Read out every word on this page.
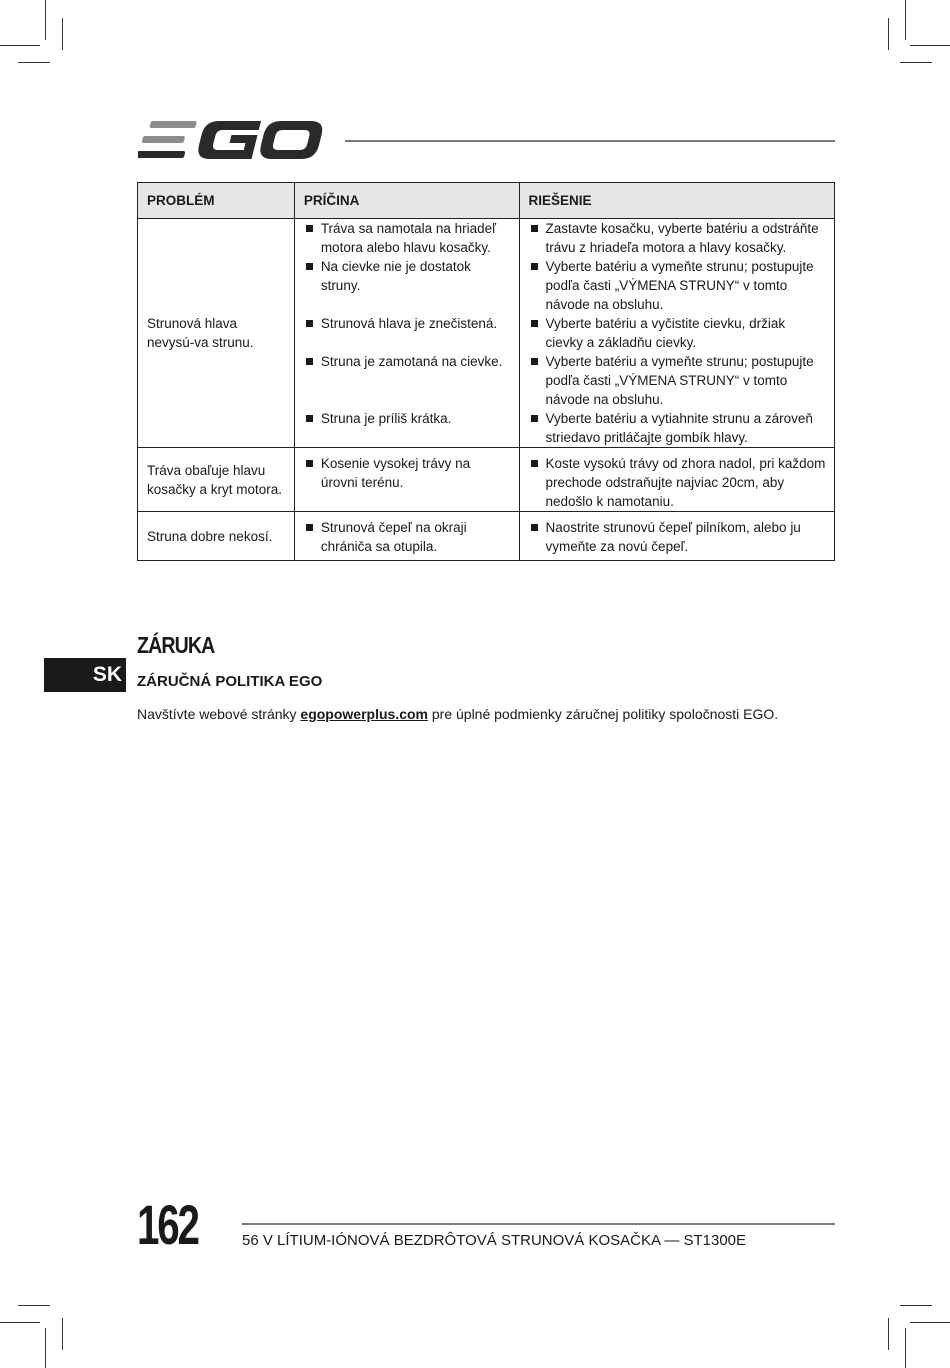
PROBLÉM	PRÍČINA	RIEŠENIE
Strunová hlava nevysú-va strunu.	Tráva sa namotala na hriadeľ motora alebo hlavu kosačky.	Zastavte kosačku, vyberte batériu a odstráňte trávu z hriadeľa motora a hlavy kosačky.

	Na cievke nie je dostatok struny.	Vyberte batériu a vymeňte strunu; postupujte podľa časti „VÝMENA STRUNY“ v tomto návode na obsluhu.

	Strunová hlava je znečistená.	Vyberte batériu a vyčistite cievku, držiak cievky a základňu cievky.

	Struna je zamotaná na cievke.	Vyberte batériu a vymeňte strunu; postupujte podľa časti „VÝMENA STRUNY“ v tomto návode na obsluhu.

	Struna je príliš krátka.	Vyberte batériu a vytiahnite strunu a zároveň striedavo pritláčajte gombík hlavy.

Tráva obaľuje hlavu kosačky a kryt motora.	Kosenie vysokej trávy na úrovni terénu.	Koste vysokú trávy od zhora nadol, pri každom prechode odstraňujte najviac 20cm, aby nedošlo k namotaniu.

Struna dobre nekosí.	Strunová čepeľ na okraji chrániča sa otupila.	Naostrite strunovú čepeľ pilníkom, alebo ju vymeňte za novú čepeľ.
SK
ZÁRUKA
ZÁRUČNÁ POLITIKA EGO
Navštívte webové stránky egopowerplus.com pre úplné podmienky záručnej politiky spoločnosti EGO.
162	56 V LÍTIUM-IÓNOVÁ BEZDRÔTOVÁ STRUNOVÁ KOSAČKA — ST1300E
